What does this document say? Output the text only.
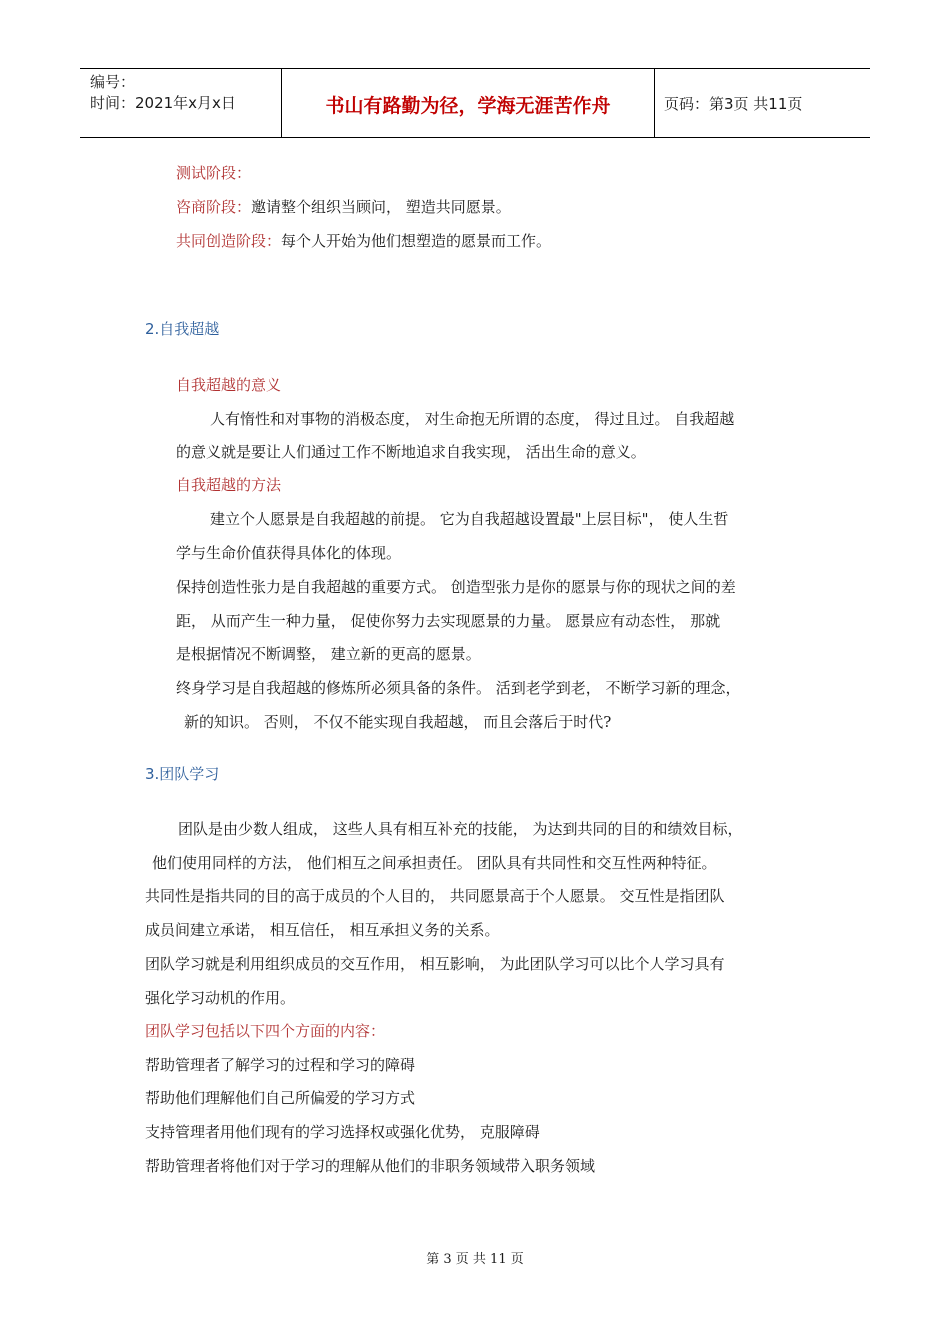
编号：
时间：2021年x月x日	书山有路勤为径，学海无涯苦作舟	页码：第3页 共11页
测试阶段：
咨商阶段：邀请整个组织当顾问， 塑造共同愿景。
共同创造阶段：每个人开始为他们想塑造的愿景而工作。
2.自我超越
自我超越的意义
人有惰性和对事物的消极态度， 对生命抱无所谓的态度， 得过且过。 自我超越
的意义就是要让人们通过工作不断地追求自我实现， 活出生命的意义。
自我超越的方法
建立个人愿景是自我超越的前提。 它为自我超越设置最"上层目标"， 使人生哲
学与生命价值获得具体化的体现。
保持创造性张力是自我超越的重要方式。 创造型张力是你的愿景与你的现状之间的差
距， 从而产生一种力量， 促使你努力去实现愿景的力量。 愿景应有动态性， 那就
是根据情况不断调整， 建立新的更高的愿景。
终身学习是自我超越的修炼所必须具备的条件。 活到老学到老， 不断学习新的理念，
新的知识。 否则， 不仅不能实现自我超越， 而且会落后于时代?
3.团队学习
团队是由少数人组成， 这些人具有相互补充的技能， 为达到共同的目的和绩效目标，
他们使用同样的方法， 他们相互之间承担责任。 团队具有共同性和交互性两种特征。
共同性是指共同的目的高于成员的个人目的， 共同愿景高于个人愿景。 交互性是指团队
成员间建立承诺， 相互信任， 相互承担义务的关系。
团队学习就是利用组织成员的交互作用， 相互影响， 为此团队学习可以比个人学习具有
强化学习动机的作用。
团队学习包括以下四个方面的内容：
帮助管理者了解学习的过程和学习的障碍
帮助他们理解他们自己所偏爱的学习方式
支持管理者用他们现有的学习选择权或强化优势， 克服障碍
帮助管理者将他们对于学习的理解从他们的非职务领域带入职务领域
第 3 页 共 11 页
